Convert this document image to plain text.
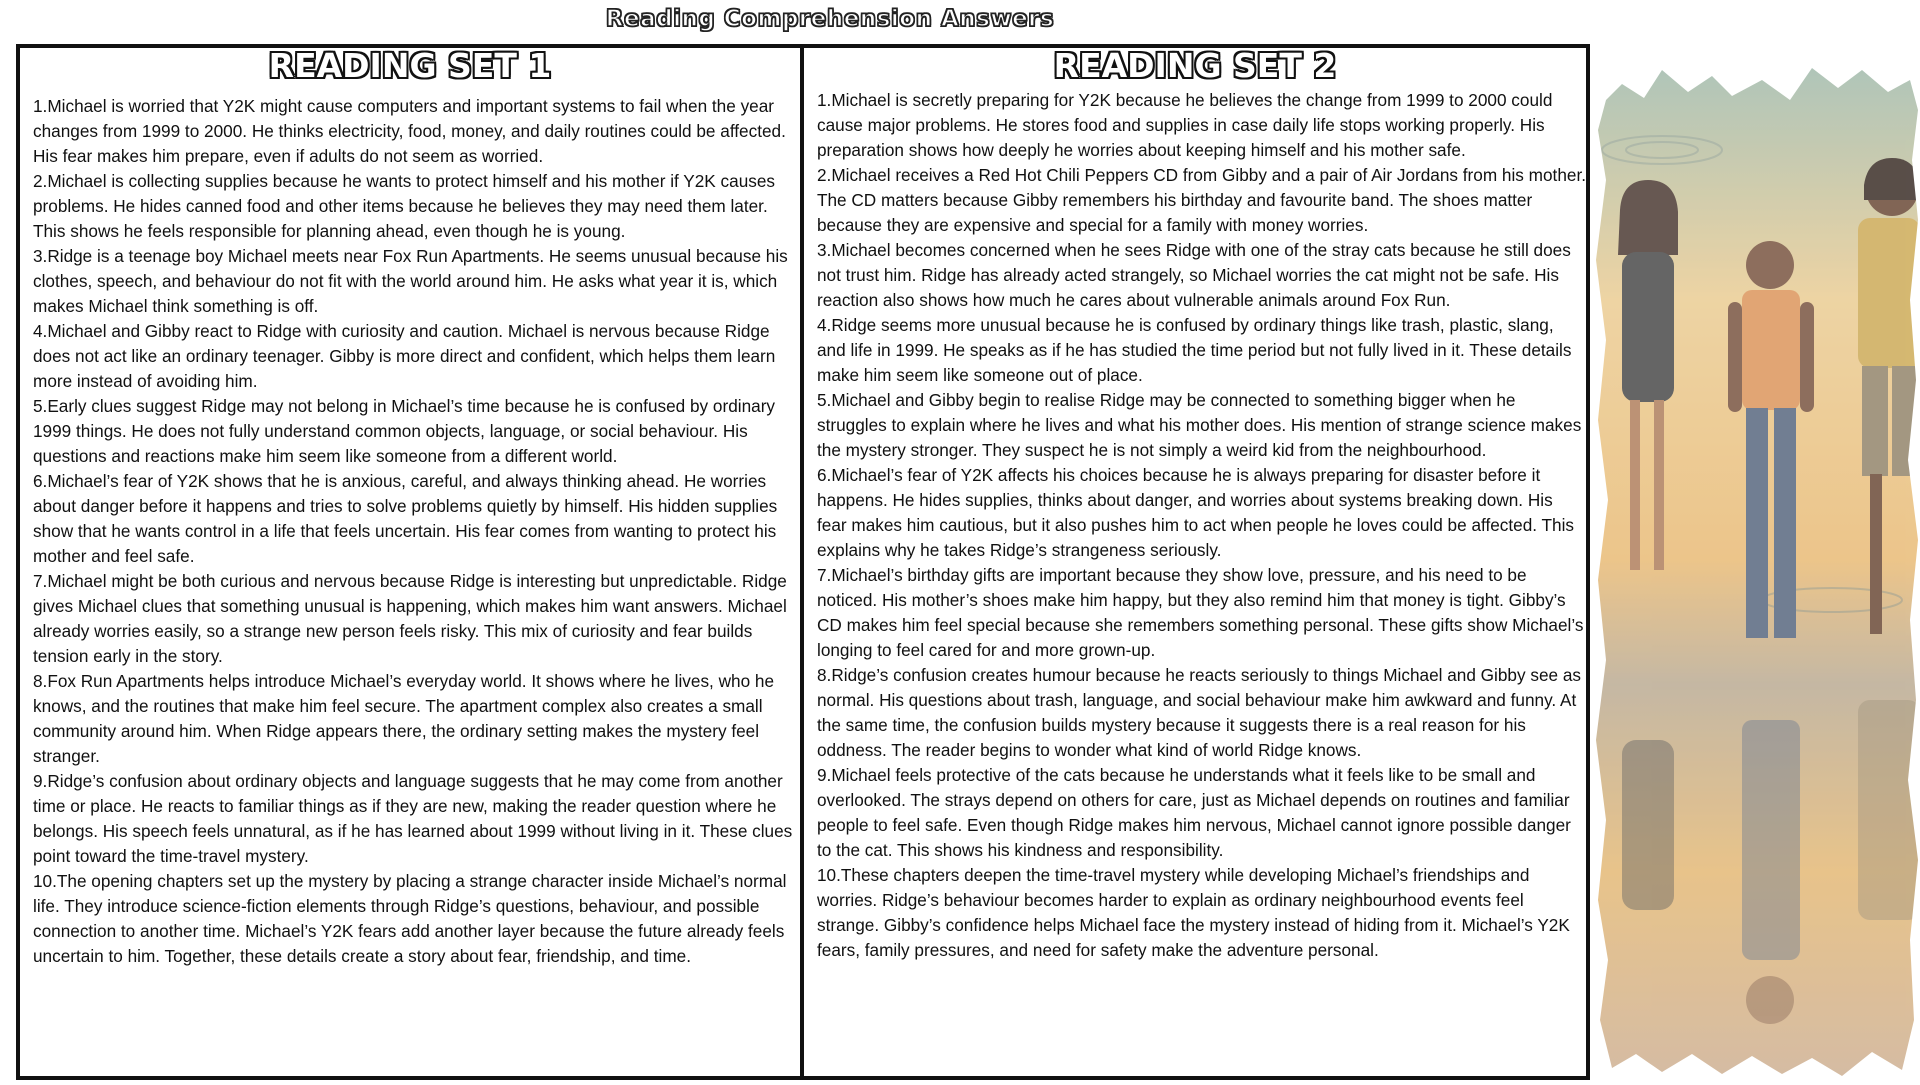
Reading Comprehension Answers
READING SET 1

1.Michael is worried that Y2K might cause computers and important systems to fail when the year changes from 1999 to 2000. He thinks electricity, food, money, and daily routines could be affected. His fear makes him prepare, even if adults do not seem as worried.

2.Michael is collecting supplies because he wants to protect himself and his mother if Y2K causes problems. He hides canned food and other items because he believes they may need them later. This shows he feels responsible for planning ahead, even though he is young.

3.Ridge is a teenage boy Michael meets near Fox Run Apartments. He seems unusual because his clothes, speech, and behaviour do not fit with the world around him. He asks what year it is, which makes Michael think something is off.

4.Michael and Gibby react to Ridge with curiosity and caution. Michael is nervous because Ridge does not act like an ordinary teenager. Gibby is more direct and confident, which helps them learn more instead of avoiding him.

5.Early clues suggest Ridge may not belong in Michael’s time because he is confused by ordinary 1999 things. He does not fully understand common objects, language, or social behaviour. His questions and reactions make him seem like someone from a different world.

6.Michael’s fear of Y2K shows that he is anxious, careful, and always thinking ahead. He worries about danger before it happens and tries to solve problems quietly by himself. His hidden supplies show that he wants control in a life that feels uncertain. His fear comes from wanting to protect his mother and feel safe.

7.Michael might be both curious and nervous because Ridge is interesting but unpredictable. Ridge gives Michael clues that something unusual is happening, which makes him want answers. Michael already worries easily, so a strange new person feels risky. This mix of curiosity and fear builds tension early in the story.

8.Fox Run Apartments helps introduce Michael’s everyday world. It shows where he lives, who he knows, and the routines that make him feel secure. The apartment complex also creates a small community around him. When Ridge appears there, the ordinary setting makes the mystery feel stranger.

9.Ridge’s confusion about ordinary objects and language suggests that he may come from another time or place. He reacts to familiar things as if they are new, making the reader question where he belongs. His speech feels unnatural, as if he has learned about 1999 without living in it. These clues point toward the time-travel mystery.

10.The opening chapters set up the mystery by placing a strange character inside Michael’s normal life. They introduce science-fiction elements through Ridge’s questions, behaviour, and possible connection to another time. Michael’s Y2K fears add another layer because the future already feels uncertain to him. Together, these details create a story about fear, friendship, and time.

READING SET 2

1.Michael is secretly preparing for Y2K because he believes the change from 1999 to 2000 could cause major problems. He stores food and supplies in case daily life stops working properly. His preparation shows how deeply he worries about keeping himself and his mother safe.

2.Michael receives a Red Hot Chili Peppers CD from Gibby and a pair of Air Jordans from his mother. The CD matters because Gibby remembers his birthday and favourite band. The shoes matter because they are expensive and special for a family with money worries.

3.Michael becomes concerned when he sees Ridge with one of the stray cats because he still does not trust him. Ridge has already acted strangely, so Michael worries the cat might not be safe. His reaction also shows how much he cares about vulnerable animals around Fox Run.

4.Ridge seems more unusual because he is confused by ordinary things like trash, plastic, slang, and life in 1999. He speaks as if he has studied the time period but not fully lived in it. These details make him seem like someone out of place.

5.Michael and Gibby begin to realise Ridge may be connected to something bigger when he struggles to explain where he lives and what his mother does. His mention of strange science makes the mystery stronger. They suspect he is not simply a weird kid from the neighbourhood.

6.Michael’s fear of Y2K affects his choices because he is always preparing for disaster before it happens. He hides supplies, thinks about danger, and worries about systems breaking down. His fear makes him cautious, but it also pushes him to act when people he loves could be affected. This explains why he takes Ridge’s strangeness seriously.

7.Michael’s birthday gifts are important because they show love, pressure, and his need to be noticed. His mother’s shoes make him happy, but they also remind him that money is tight. Gibby’s CD makes him feel special because she remembers something personal. These gifts show Michael’s longing to feel cared for and more grown-up.

8.Ridge’s confusion creates humour because he reacts seriously to things Michael and Gibby see as normal. His questions about trash, language, and social behaviour make him awkward and funny. At the same time, the confusion builds mystery because it suggests there is a real reason for his oddness. The reader begins to wonder what kind of world Ridge knows.

9.Michael feels protective of the cats because he understands what it feels like to be small and overlooked. The strays depend on others for care, just as Michael depends on routines and familiar people to feel safe. Even though Ridge makes him nervous, Michael cannot ignore possible danger to the cat. This shows his kindness and responsibility.

10.These chapters deepen the time-travel mystery while developing Michael’s friendships and worries. Ridge’s behaviour becomes harder to explain as ordinary neighbourhood events feel strange. Gibby’s confidence helps Michael face the mystery instead of hiding from it. Michael’s Y2K fears, family pressures, and need for safety make the adventure personal.
